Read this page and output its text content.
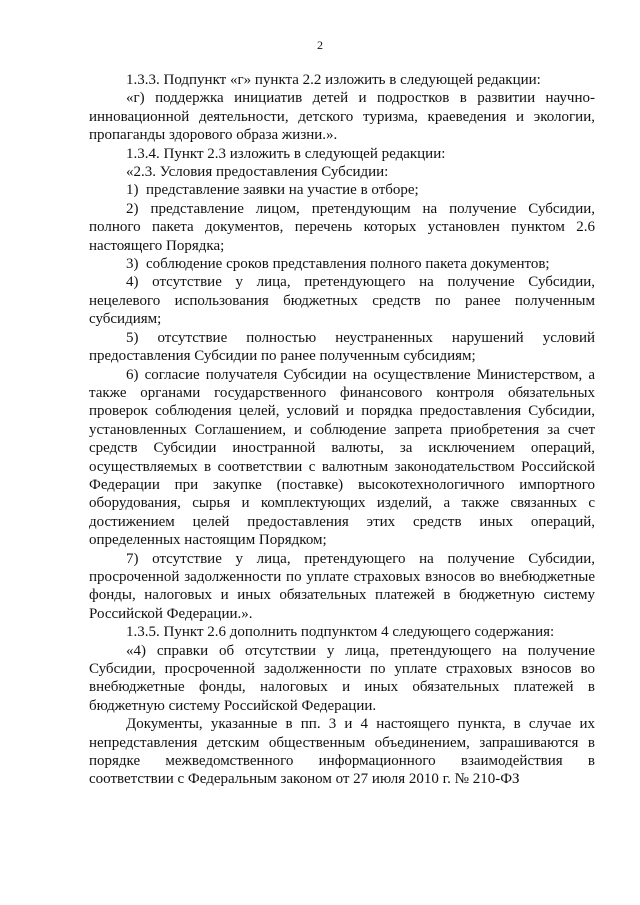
2

1.3.3. Подпункт «г» пункта 2.2 изложить в следующей редакции:

«г) поддержка инициатив детей и подростков в развитии научно-инновационной деятельности, детского туризма, краеведения и экологии, пропаганды здорового образа жизни.».

1.3.4. Пункт 2.3 изложить в следующей редакции:

«2.3. Условия предоставления Субсидии:

1)  представление заявки на участие в отборе;

2) представление лицом, претендующим на получение Субсидии, полного пакета документов, перечень которых установлен пунктом 2.6 настоящего Порядка;

3)  соблюдение сроков представления полного пакета документов;

4) отсутствие у лица, претендующего на получение Субсидии, нецелевого использования бюджетных средств по ранее полученным субсидиям;

5) отсутствие полностью неустраненных нарушений условий предоставления Субсидии по ранее полученным субсидиям;

6) согласие получателя Субсидии на осуществление Министерством, а также органами государственного финансового контроля обязательных проверок соблюдения целей, условий и порядка предоставления Субсидии, установленных Соглашением, и соблюдение запрета приобретения за счет средств Субсидии иностранной валюты, за исключением операций, осуществляемых в соответствии с валютным законодательством Российской Федерации при закупке (поставке) высокотехнологичного импортного оборудования, сырья и комплектующих изделий, а также связанных с достижением целей предоставления этих средств иных операций, определенных настоящим Порядком;

7) отсутствие у лица, претендующего на получение Субсидии, просроченной задолженности по уплате страховых взносов во внебюджетные фонды, налоговых и иных обязательных платежей в бюджетную систему Российской Федерации.».

1.3.5. Пункт 2.6 дополнить подпунктом 4 следующего содержания:

«4) справки об отсутствии у лица, претендующего на получение Субсидии, просроченной задолженности по уплате страховых взносов во внебюджетные фонды, налоговых и иных обязательных платежей в бюджетную систему Российской Федерации.

Документы, указанные в пп. 3 и 4 настоящего пункта, в случае их непредставления детским общественным объединением, запрашиваются в порядке межведомственного информационного взаимодействия в соответствии с Федеральным законом от 27 июля 2010 г. № 210-ФЗ
